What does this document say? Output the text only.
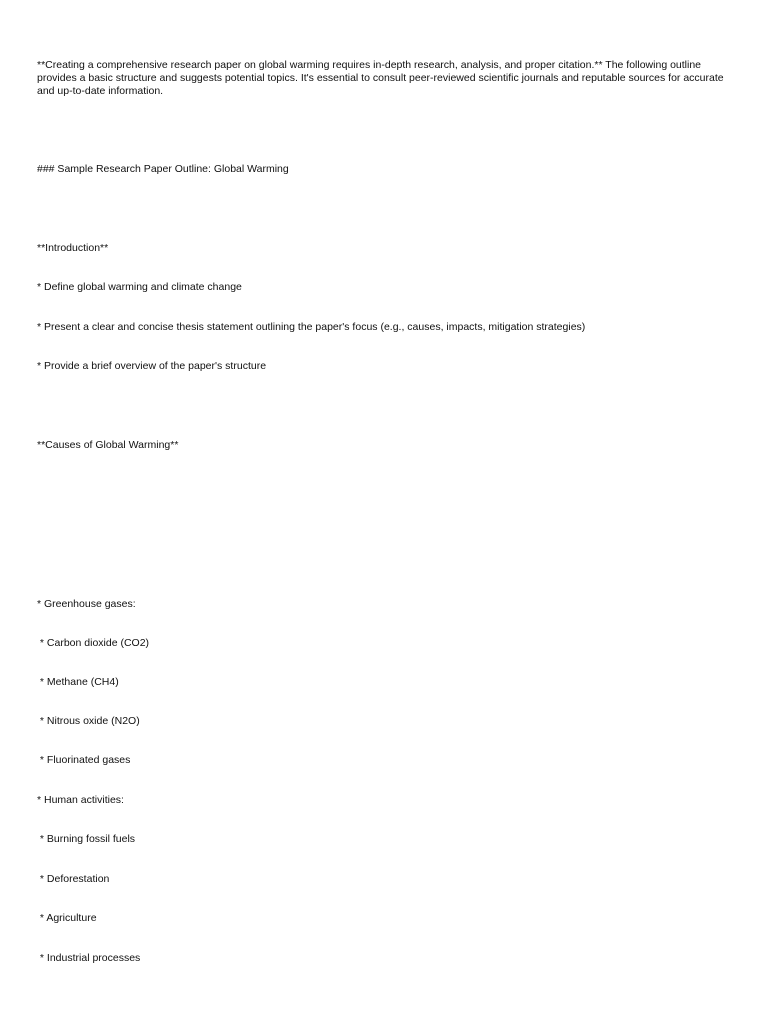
**Creating a comprehensive research paper on global warming requires in-depth research, analysis, and proper citation.** The following outline provides a basic structure and suggests potential topics. It's essential to consult peer-reviewed scientific journals and reputable sources for accurate and up-to-date information.

### Sample Research Paper Outline: Global Warming

**Introduction**

* Define global warming and climate change

* Present a clear and concise thesis statement outlining the paper's focus (e.g., causes, impacts, mitigation strategies)

* Provide a brief overview of the paper's structure

**Causes of Global Warming**

* Greenhouse gases:

* Carbon dioxide (CO2)

* Methane (CH4)

* Nitrous oxide (N2O)

* Fluorinated gases

* Human activities:

* Burning fossil fuels

* Deforestation

* Agriculture

* Industrial processes
